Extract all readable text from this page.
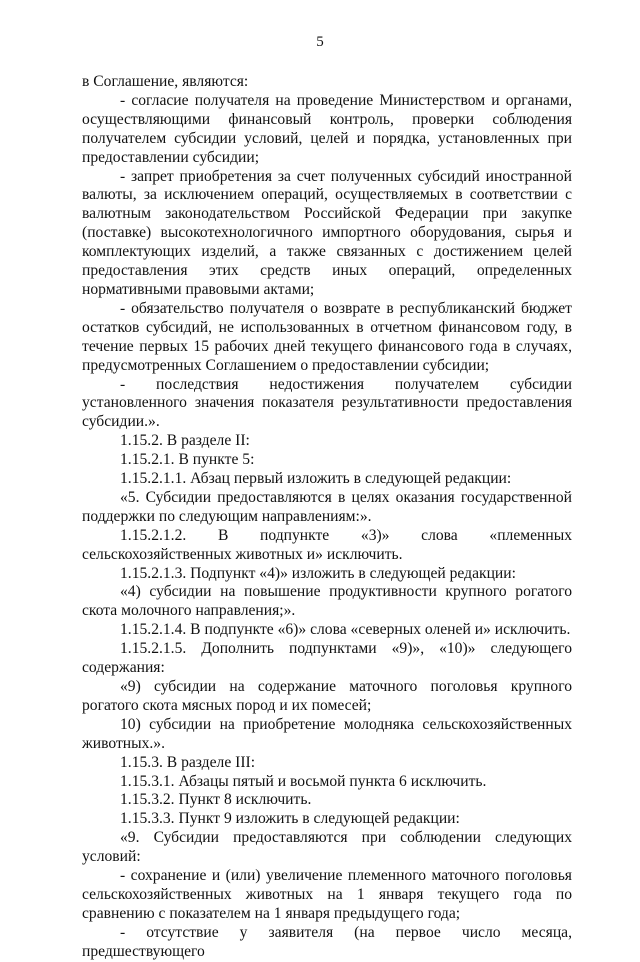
5

в Соглашение, являются:

- согласие получателя на проведение Министерством и органами, осуществляющими финансовый контроль, проверки соблюдения получателем субсидии условий, целей и порядка, установленных при предоставлении субсидии;

- запрет приобретения за счет полученных субсидий иностранной валюты, за исключением операций, осуществляемых в соответствии с валютным законодательством Российской Федерации при закупке (поставке) высокотехнологичного импортного оборудования, сырья и комплектующих изделий, а также связанных с достижением целей предоставления этих средств иных операций, определенных нормативными правовыми актами;

- обязательство получателя о возврате в республиканский бюджет остатков субсидий, не использованных в отчетном финансовом году, в течение первых 15 рабочих дней текущего финансового года в случаях, предусмотренных Соглашением о предоставлении субсидии;

- последствия недостижения получателем субсидии установленного значения показателя результативности предоставления субсидии.».

1.15.2. В разделе II:

1.15.2.1. В пункте 5:

1.15.2.1.1. Абзац первый изложить в следующей редакции:

«5. Субсидии предоставляются в целях оказания государственной поддержки по следующим направлениям:».

1.15.2.1.2. В подпункте «3)» слова «племенных сельскохозяйственных животных и» исключить.

1.15.2.1.3. Подпункт «4)» изложить в следующей редакции:

«4) субсидии на повышение продуктивности крупного рогатого скота молочного направления;».

1.15.2.1.4. В подпункте «6)» слова «северных оленей и» исключить.

1.15.2.1.5. Дополнить подпунктами «9)», «10)» следующего содержания:

«9) субсидии на содержание маточного поголовья крупного рогатого скота мясных пород и их помесей;

10) субсидии на приобретение молодняка сельскохозяйственных животных.».

1.15.3. В разделе III:

1.15.3.1. Абзацы пятый и восьмой пункта 6 исключить.

1.15.3.2. Пункт 8 исключить.

1.15.3.3. Пункт 9 изложить в следующей редакции:

«9. Субсидии предоставляются при соблюдении следующих условий:

- сохранение и (или) увеличение племенного маточного поголовья сельскохозяйственных животных на 1 января текущего года по сравнению с показателем на 1 января предыдущего года;

- отсутствие у заявителя (на первое число месяца, предшествующего
